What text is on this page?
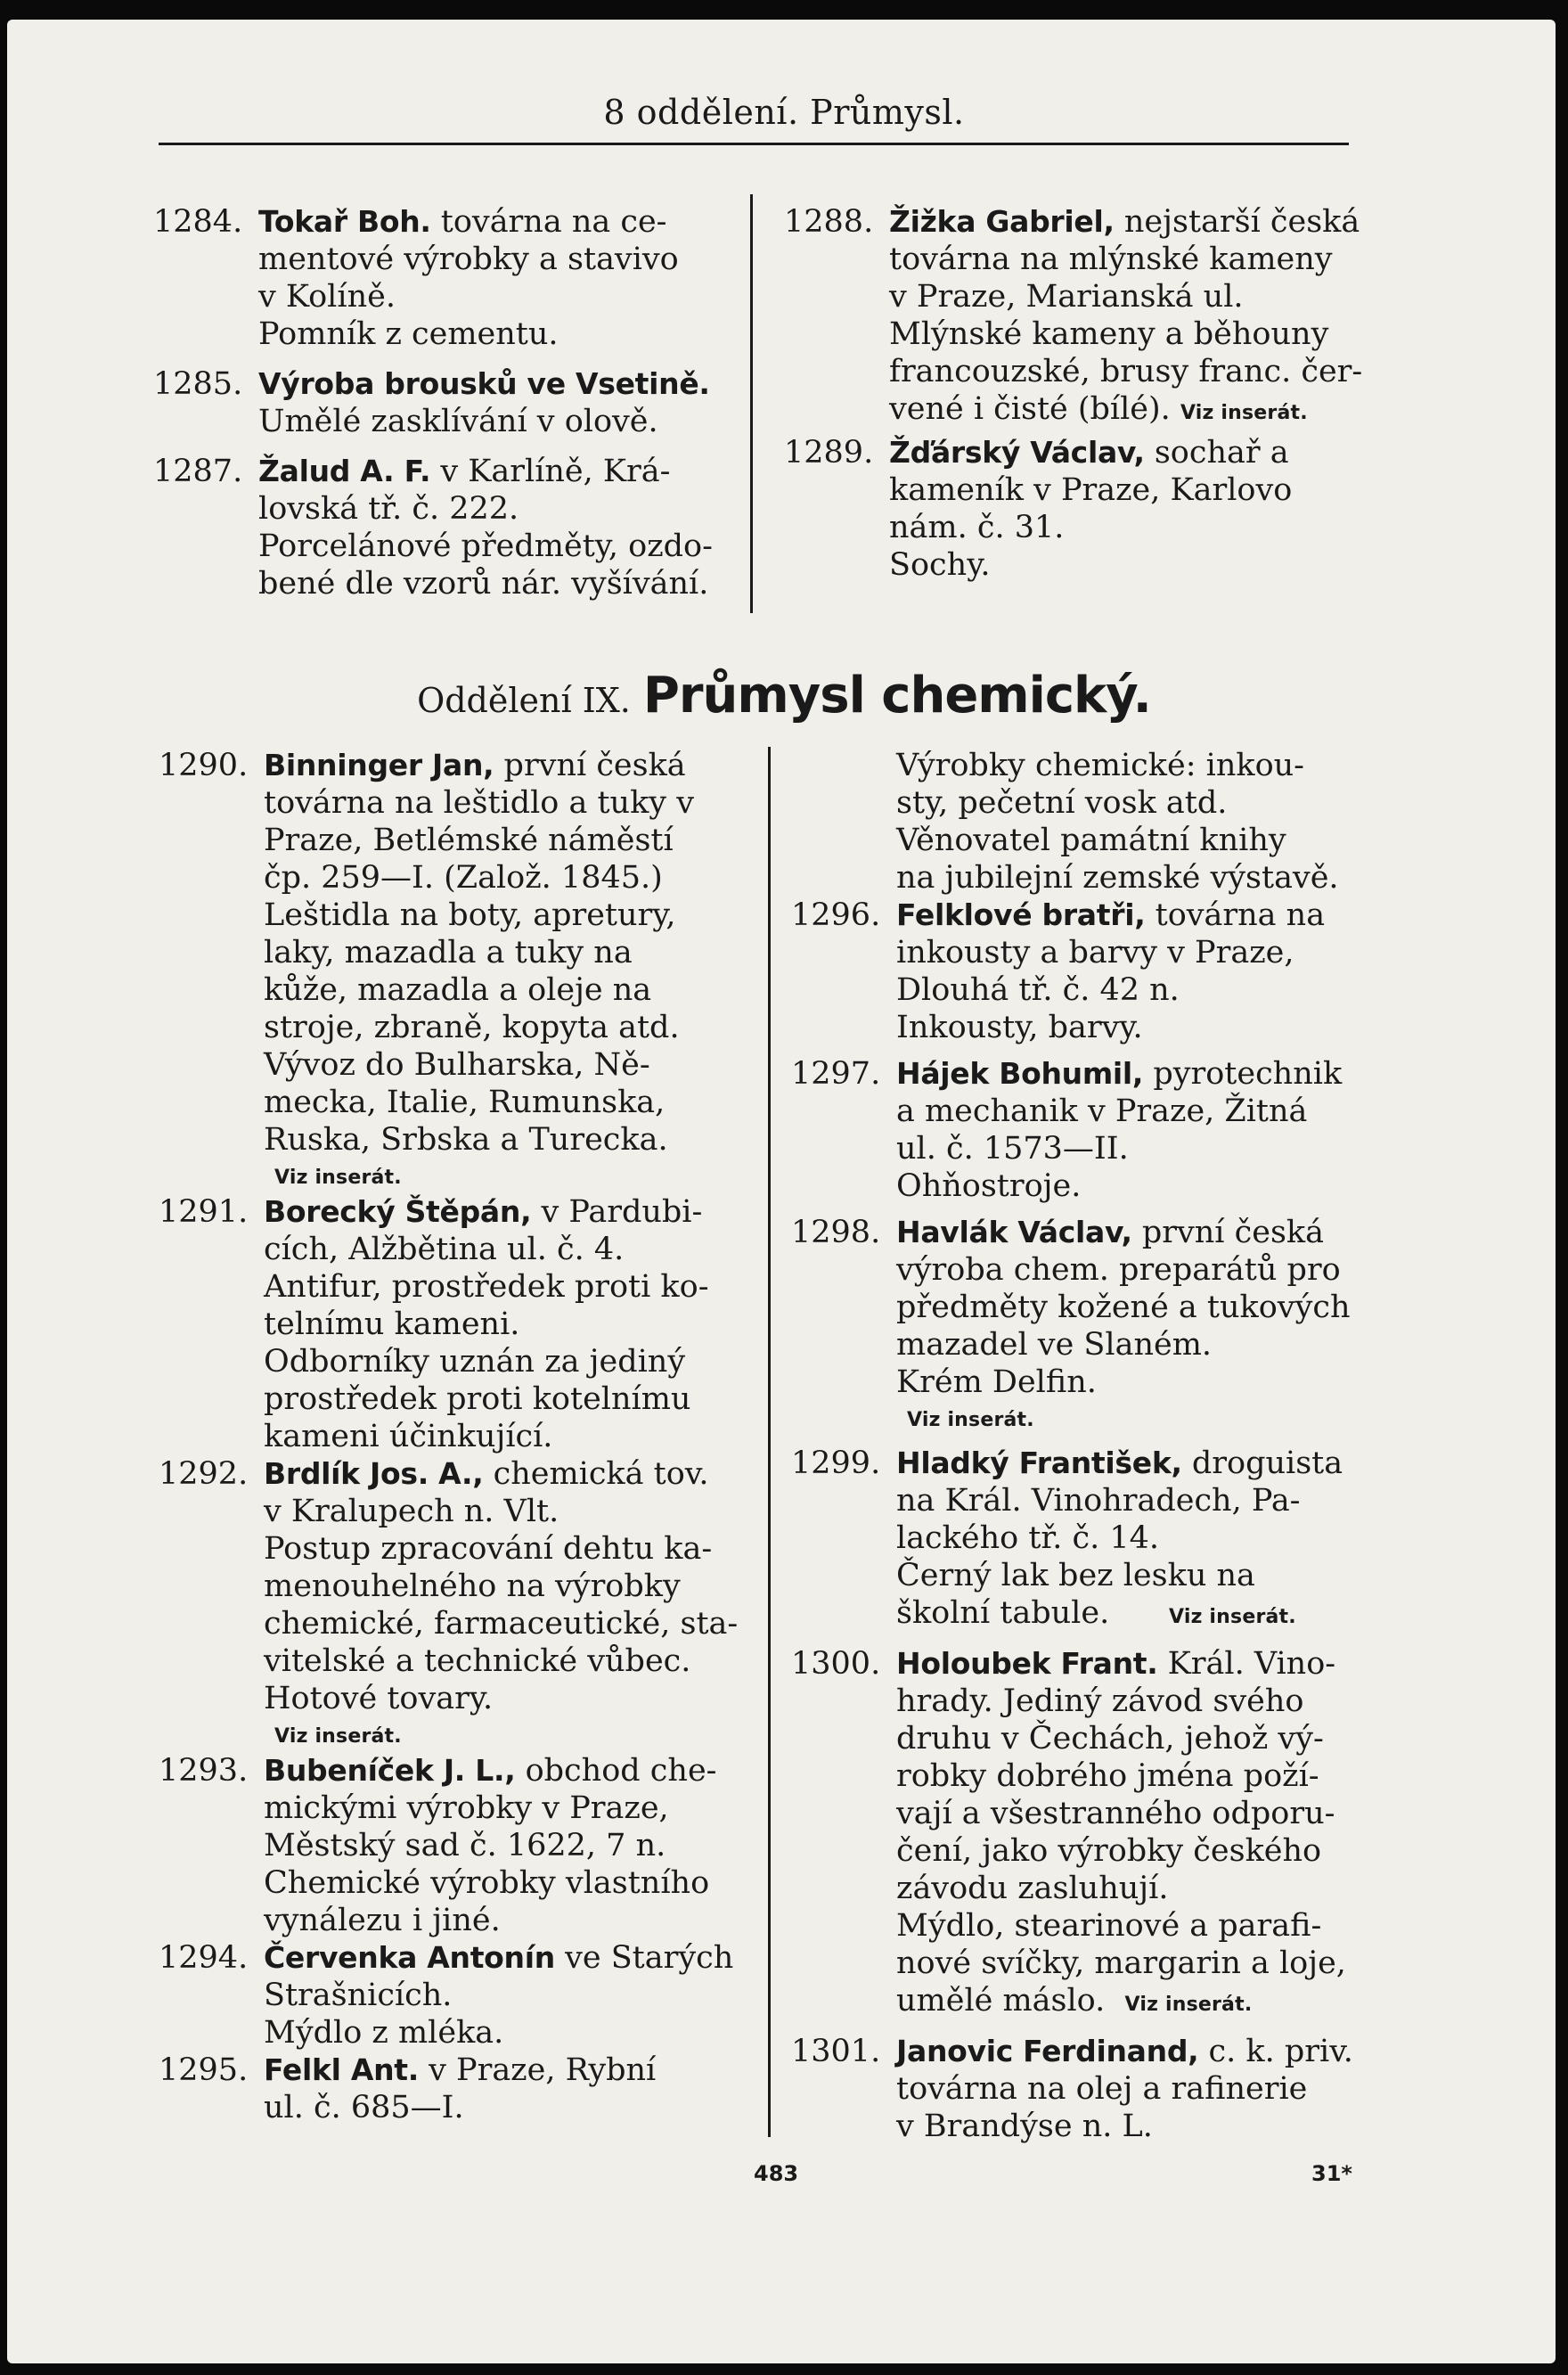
8 oddělení. Průmysl.
1284. Tokař Boh. továrna na ce-
mentové výrobky a stavivo
v Kolíně.
Pomník z cementu.
1285. Výroba brousků ve Vsetině.
Umělé zasklívání v olově.
1287. Žalud A. F. v Karlíně, Krá-
lovská tř. č. 222.
Porcelánové předměty, ozdo-
bené dle vzorů nár. vyšívání.
1288. Žižka Gabriel, nejstarší česká
továrna na mlýnské kameny
v Praze, Marianská ul.
Mlýnské kameny a běhouny
francouzské, brusy franc. čer-
vené i čisté (bílé). Viz inserát.
1289. Žďárský Václav, sochař a
kameník v Praze, Karlovo
nám. č. 31.
Sochy.
Oddělení IX. Průmysl chemický.
1290. Binninger Jan, první česká
továrna na leštidlo a tuky v
Praze, Betlémské náměstí
čp. 259—I. (Založ. 1845.)
Leštidla na boty, apretury,
laky, mazadla a tuky na
kůže, mazadla a oleje na
stroje, zbraně, kopyta atd.
Vývoz do Bulharska, Ně-
mecka, Italie, Rumunska,
Ruska, Srbska a Turecka.
Viz inserát.
1291. Borecký Štěpán, v Pardubi-
cích, Alžbětina ul. č. 4.
Antifur, prostředek proti ko-
telnímu kameni.
Odborníky uznán za jediný
prostředek proti kotelnímu
kameni účinkující.
1292. Brdlík Jos. A., chemická tov.
v Kralupech n. Vlt.
Postup zpracování dehtu ka-
menouhelného na výrobky
chemické, farmaceutické, sta-
vitelské a technické vůbec.
Hotové tovary.
Viz inserát.
1293. Bubeníček J. L., obchod che-
mickými výrobky v Praze,
Městský sad č. 1622, 7 n.
Chemické výrobky vlastního
vynálezu i jiné.
1294. Červenka Antonín ve Starých
Strašnicích.
Mýdlo z mléka.
1295. Felkl Ant. v Praze, Rybní
ul. č. 685—I.
Výrobky chemické: inkou-
sty, pečetní vosk atd.
Věnovatel památní knihy
na jubilejní zemské výstavě.
1296. Felklové bratři, továrna na
inkousty a barvy v Praze,
Dlouhá tř. č. 42 n.
Inkousty, barvy.
1297. Hájek Bohumil, pyrotechnik
a mechanik v Praze, Žitná
ul. č. 1573—II.
Ohňostroje.
1298. Havlák Václav, první česká
výroba chem. preparátů pro
předměty kožené a tukových
mazadel ve Slaném.
Krém Delfin.
Viz inserát.
1299. Hladký František, droguista
na Král. Vinohradech, Pa-
lackého tř. č. 14.
Černý lak bez lesku na
školní tabule.	Viz inserát.
1300. Holoubek Frant. Král. Vino-
hrady. Jediný závod svého
druhu v Čechách, jehož vý-
robky dobrého jména poží-
vají a všestranného odporu-
čení, jako výrobky českého
závodu zasluhují.
Mýdlo, stearinové a parafi-
nové svíčky, margarin a loje,
umělé máslo. Viz inserát.
1301. Janovic Ferdinand, c. k. priv.
továrna na olej a rafinerie
v Brandýse n. L.
483	31*
